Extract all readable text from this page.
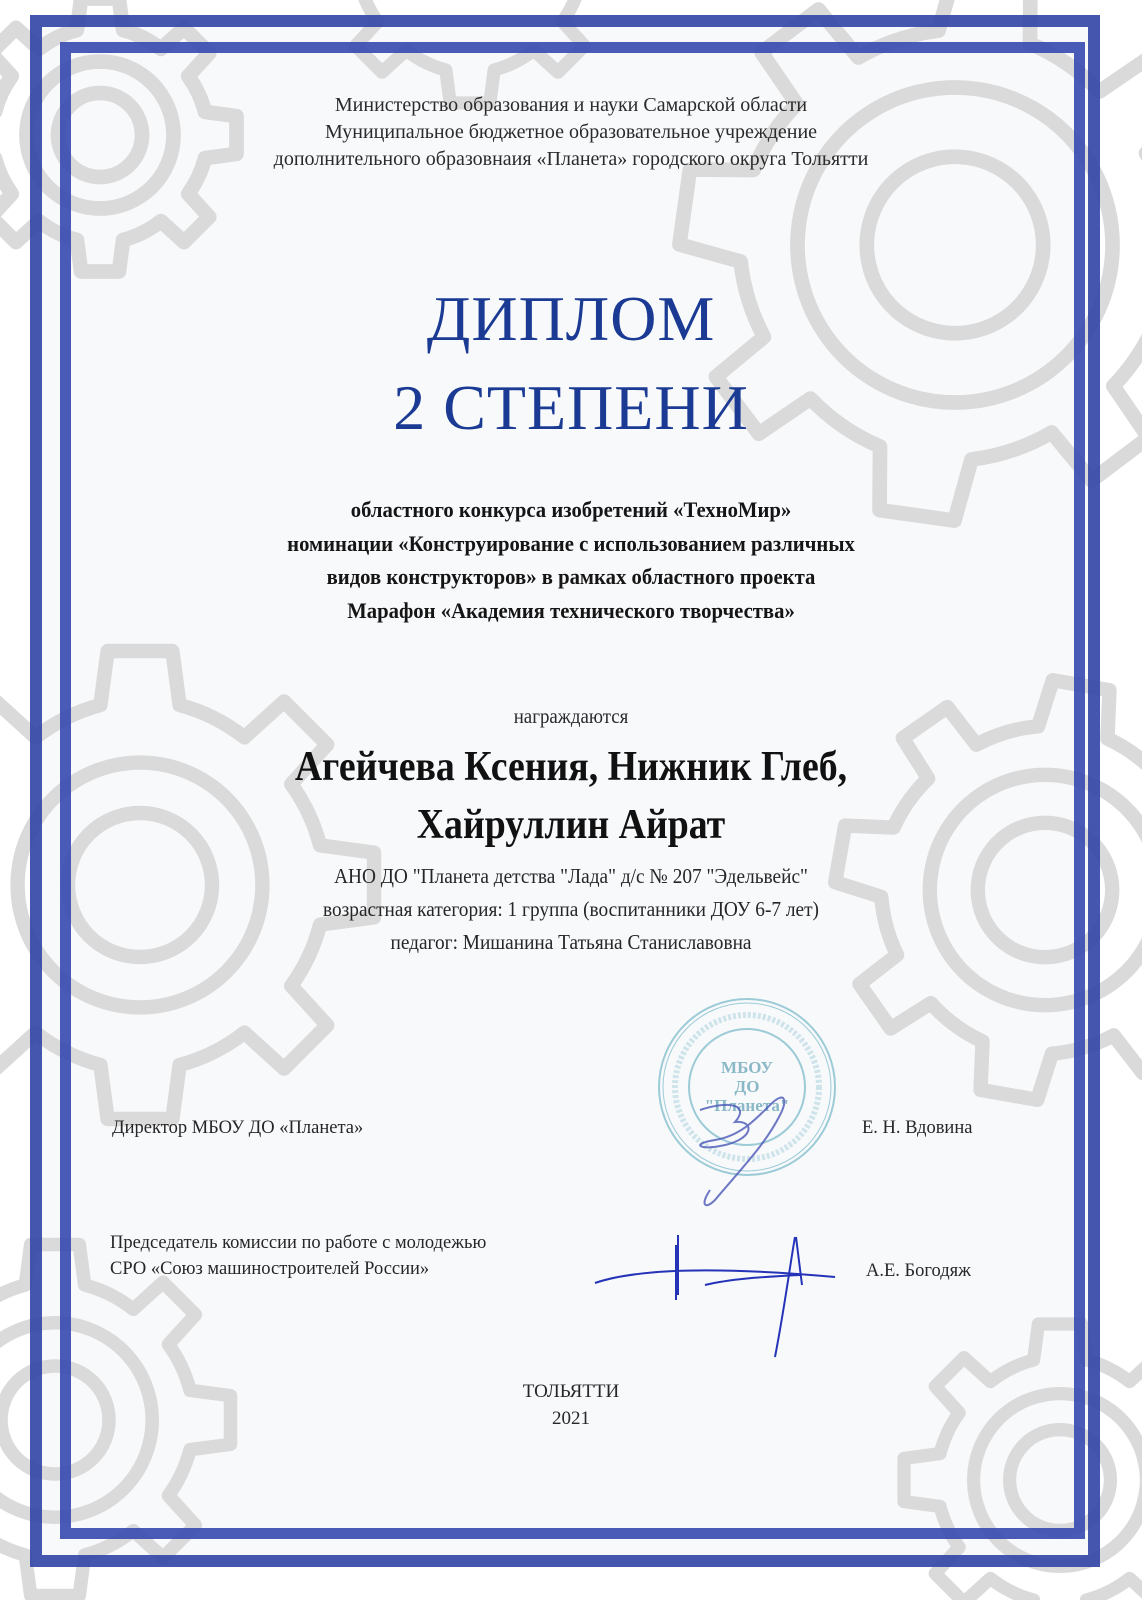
Министерство образования и науки Самарской области
Муниципальное бюджетное образовательное учреждение
дополнительного образовнаия «Планета» городского округа Тольятти
ДИПЛОМ
2 СТЕПЕНИ
областного конкурса изобретений «ТехноМир»
номинации «Конструирование с использованием различных
видов конструкторов» в рамках областного проекта
Марафон «Академия технического творчества»
награждаются
Агейчева Ксения, Нижник Глеб,
Хайруллин Айрат
АНО ДО "Планета детства "Лада" д/с № 207 "Эдельвейс"
возрастная категория: 1 группа (воспитанники ДОУ 6-7 лет)
педагог: Мишанина Татьяна Станиславовна
МБОУ
ДО
"Планета"
Директор МБОУ ДО «Планета»	Е. Н. Вдовина
Председатель комиссии по работе с молодежью
СРО «Союз машиностроителей России»	А.Е. Богодяж
ТОЛЬЯТТИ
2021
